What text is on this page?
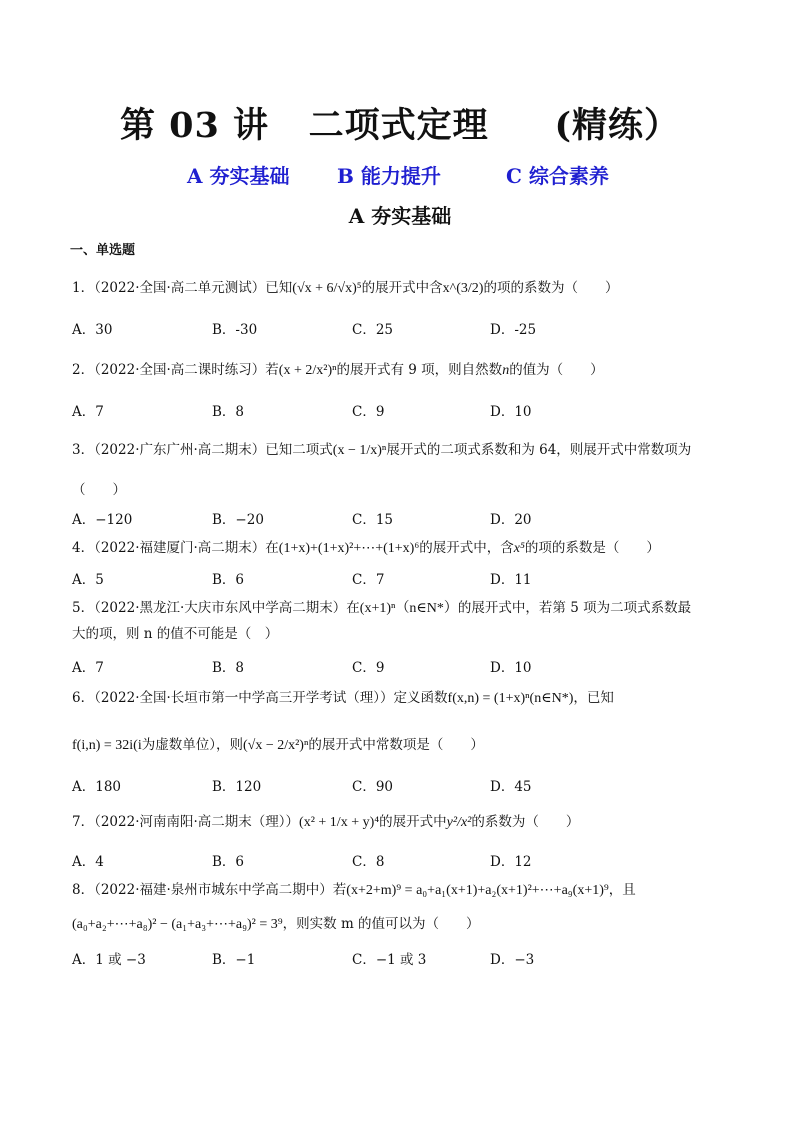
第 03 讲   二项式定理     (精练）
A 夯实基础 B 能力提升	C 综合素养
A 夯实基础
一、单选题
1．（2022·全国·高二单元测试）已知(√x + 6/√x)⁵的展开式中含x^(3/2)的项的系数为（　　）
A．30	B．-30	C．25	D．-25
2．（2022·全国·高二课时练习）若(x + 2/x²)ⁿ的展开式有 9 项，则自然数n的值为（　　）
A．7	B．8	C．9	D．10
3．（2022·广东广州·高二期末）已知二项式(x − 1/x)ⁿ展开式的二项式系数和为 64，则展开式中常数项为
（　　）
A．−120	B．−20	C．15	D．20
4．（2022·福建厦门·高二期末）在(1+x)+(1+x)²+⋯+(1+x)⁶的展开式中，含x⁵的项的系数是（　　）
A．5	B．6	C．7	D．11
5．（2022·黑龙江·大庆市东风中学高二期末）在(x+1)ⁿ（n∈N*）的展开式中，若第 5 项为二项式系数最
大的项，则 n 的值不可能是（　）
A．7	B．8	C．9	D．10
6．（2022·全国·长垣市第一中学高三开学考试（理））定义函数f(x,n) = (1+x)ⁿ(n∈N*)，已知
f(i,n) = 32i(i为虚数单位），则(√x − 2/x²)ⁿ的展开式中常数项是（　　）
A．180	B．120	C．90	D．45
7．（2022·河南南阳·高二期末（理））(x² + 1/x + y)⁴的展开式中y²/x²的系数为（　　）
A．4	B．6	C．8	D．12
8．（2022·福建·泉州市城东中学高二期中）若(x+2+m)⁹ = a₀+a₁(x+1)+a₂(x+1)²+⋯+a₉(x+1)⁹，且
(a₀+a₂+⋯+a₈)² − (a₁+a₃+⋯+a₉)² = 3⁹，则实数 m 的值可以为（　　）
A．1 或 −3	B．−1	C．−1 或 3	D．−3
